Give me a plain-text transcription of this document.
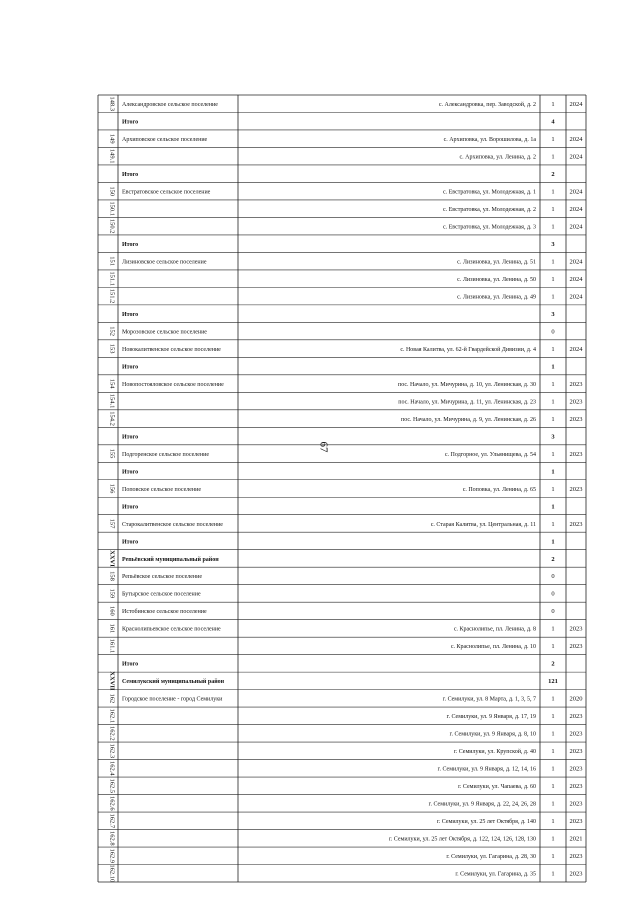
148.3 Александровское сельское поселение	с. Александровка, пер. Заводской, д. 2 1 2024
Итого	4
149 Архиповское сельское поселение	с. Архиповка, ул. Ворошилова, д. 1а 1 2024
149.1	с. Архиповка, ул. Ленина, д. 2 1 2024
Итого	2
150 Евстратовское сельское поселение	с. Евстратовка, ул. Молодежная, д. 1 1 2024
150.1	с. Евстратовка, ул. Молодежная, д. 2 1 2024
150.2	с. Евстратовка, ул. Молодежная, д. 3 1 2024
Итого	3
151 Лизиновское сельское поселение	с. Лизиновка, ул. Ленина, д. 51 1 2024
151.1	с. Лизиновка, ул. Ленина, д. 50 1 2024
151.2	с. Лизиновка, ул. Ленина, д. 49 1 2024
Итого	3
152 Морозовское сельское поселение	0
153 Новокалитвенское сельское поселение	с. Новая Калитва, ул. 62-й Гвардейской Дивизии, д. 4 1 2024
Итого	1
154 Новопостояловское сельское поселение	пос. Начало, ул. Мичурина, д. 10, ул. Ленинская, д. 30 1 2023
154.1	пос. Начало, ул. Мичурина, д. 11, ул. Ленинская, д. 23 1 2023
154.2	пос. Начало, ул. Мичурина, д. 9, ул. Ленинская, д. 26 1 2023
Итого	3
155 Подгоренское сельское поселение	с. Подгорное, ул. Ульянищева, д. 54 1 2023
Итого	1
156 Поповское сельское поселение	с. Поповка, ул. Ленина, д. 65 1 2023
Итого	1
157 Старокалитвенское сельское поселение	с. Старая Калитва, ул. Центральная, д. 11 1 2023
Итого	1
XXVI Репьёвский муниципальный район	2
158 Репьёвское сельское поселение	0
159 Бутырское сельское поселение	0
160 Истобинское сельское поселение	0
161 Краснолипьевское сельское поселение	с. Краснолипье, пл. Ленина, д. 8 1 2023
161.1	с. Краснолипье, пл. Ленина, д. 10 1 2023
Итого	2
XXVII Семилукский муниципальный район	121
162 Городское поселение - город Семилуки	г. Семилуки, ул. 8 Марта, д. 1, 3, 5, 7 1 2020
162.1	г. Семилуки, ул. 9 Января, д. 17, 19 1 2023
162.2	г. Семилуки, ул. 9 Января, д. 8, 10 1 2023
162.3	г. Семилуки, ул. Крупской, д. 40 1 2023
162.4	г. Семилуки, ул. 9 Января, д. 12, 14, 16 1 2023
162.5	г. Семилуки, ул. Чапаева, д. 60 1 2023
162.6	г. Семилуки, ул. 9 Января, д. 22, 24, 26, 28 1 2023
162.7	г. Семилуки, ул. 25 лет Октября, д. 140 1 2023
162.8	г. Семилуки, ул. 25 лет Октября, д. 122, 124, 126, 128, 130 1 2021
162.9	г. Семилуки, ул. Гагарина, д. 28, 30 1 2023
162.10	г. Семилуки, ул. Гагарина, д. 35 1 2023
67
